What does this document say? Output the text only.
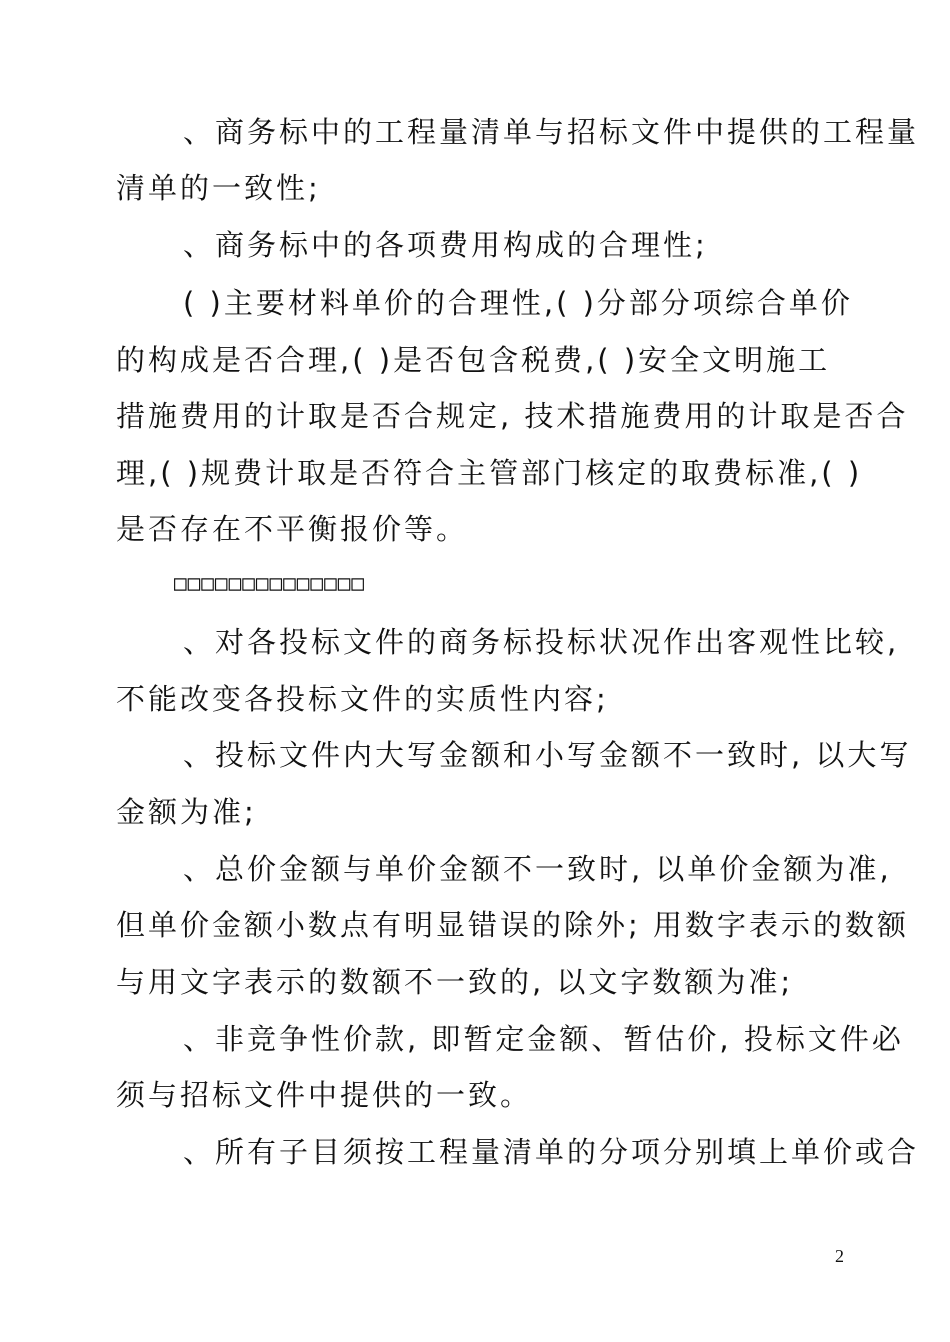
、商务标中的工程量清单与招标文件中提供的工程量
清单的一致性;
、商务标中的各项费用构成的合理性;
( )主要材料单价的合理性,( )分部分项综合单价
的构成是否合理,( )是否包含税费,( )安全文明施工
措施费用的计取是否合规定, 技术措施费用的计取是否合
理,( )规费计取是否符合主管部门核定的取费标准,( )
是否存在不平衡报价等。
□□□□□□□□□□□□□□
、对各投标文件的商务标投标状况作出客观性比较,
不能改变各投标文件的实质性内容;
、投标文件内大写金额和小写金额不一致时, 以大写
金额为准;
、总价金额与单价金额不一致时, 以单价金额为准,
但单价金额小数点有明显错误的除外; 用数字表示的数额
与用文字表示的数额不一致的, 以文字数额为准;
、非竞争性价款, 即暂定金额、暂估价, 投标文件必
须与招标文件中提供的一致。
、所有子目须按工程量清单的分项分别填上单价或合
2
